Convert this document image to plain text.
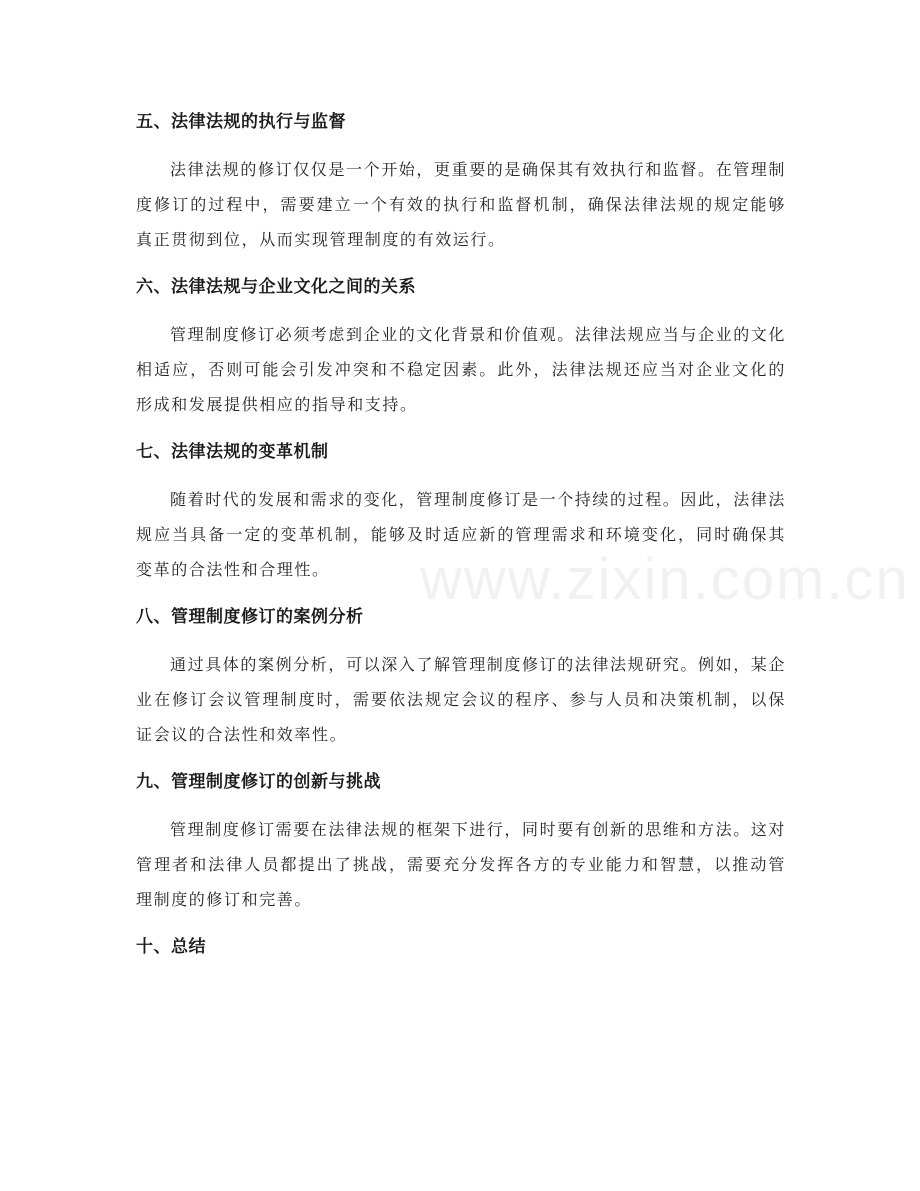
五、法律法规的执行与监督

法律法规的修订仅仅是一个开始，更重要的是确保其有效执行和监督。在管理制度修订的过程中，需要建立一个有效的执行和监督机制，确保法律法规的规定能够真正贯彻到位，从而实现管理制度的有效运行。

六、法律法规与企业文化之间的关系

管理制度修订必须考虑到企业的文化背景和价值观。法律法规应当与企业的文化相适应，否则可能会引发冲突和不稳定因素。此外，法律法规还应当对企业文化的形成和发展提供相应的指导和支持。

七、法律法规的变革机制

随着时代的发展和需求的变化，管理制度修订是一个持续的过程。因此，法律法规应当具备一定的变革机制，能够及时适应新的管理需求和环境变化，同时确保其变革的合法性和合理性。

八、管理制度修订的案例分析

通过具体的案例分析，可以深入了解管理制度修订的法律法规研究。例如，某企业在修订会议管理制度时，需要依法规定会议的程序、参与人员和决策机制，以保证会议的合法性和效率性。

九、管理制度修订的创新与挑战

管理制度修订需要在法律法规的框架下进行，同时要有创新的思维和方法。这对管理者和法律人员都提出了挑战，需要充分发挥各方的专业能力和智慧，以推动管理制度的修订和完善。

十、总结
www.zixin.com.cn
